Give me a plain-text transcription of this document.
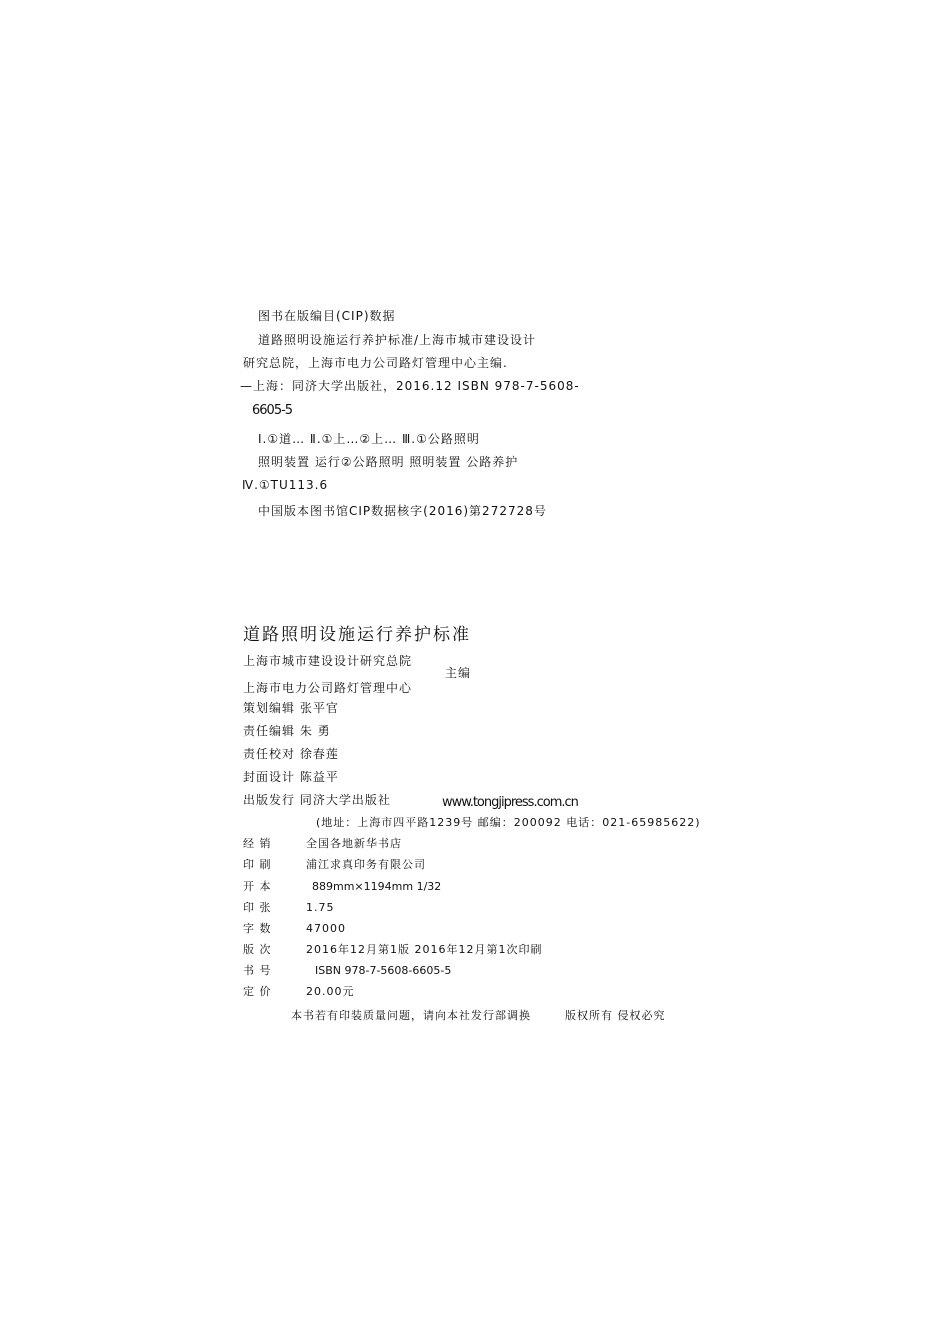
图书在版编目(CIP)数据
道路照明设施运行养护标准/上海市城市建设设计
研究总院，上海市电力公司路灯管理中心主编.
—上海：同济大学出版社，2016.12 ISBN 978-7-5608-
6605-5
Ⅰ.①道… Ⅱ.①上…②上… Ⅲ.①公路照明
照明装置 运行②公路照明 照明装置 公路养护
Ⅳ.①TU113.6
中国版本图书馆CIP数据核字(2016)第272728号
道路照明设施运行养护标准
上海市城市建设设计研究总院
主编
上海市电力公司路灯管理中心
策划编辑 张平官
责任编辑 朱 勇
责任校对 徐春莲
封面设计 陈益平
出版发行 同济大学出版社	www.tongjipress.com.cn
(地址：上海市四平路1239号 邮编：200092 电话：021-65985622)
经 销	全国各地新华书店
印 刷	浦江求真印务有限公司
开 本	889mm×1194mm 1/32
印 张	1.75
字 数	47000
版 次	2016年12月第1版 2016年12月第1次印刷
书 号	ISBN 978-7-5608-6605-5
定 价	20.00元
本书若有印装质量问题，请向本社发行部调换	版权所有 侵权必究
